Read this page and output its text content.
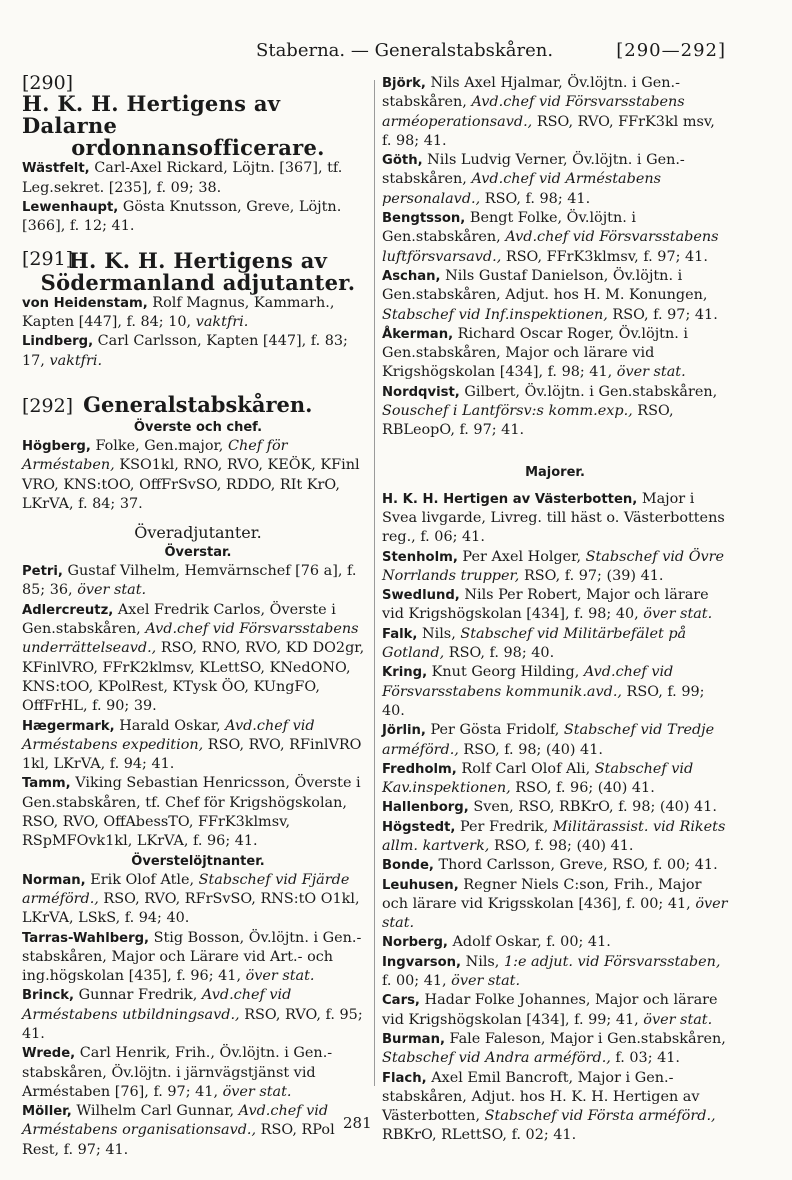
Staberna. — Generalstabskåren.	[290—292]
[290]
H. K. H. Hertigens av Dalarne
ordonnansofficerare.
Wästfelt, Carl-Axel Rickard, Löjtn. [367], tf. Leg.sekret. [235], f. 09; 38.
Lewenhaupt, Gösta Knutsson, Greve, Löjtn. [366], f. 12; 41.
[291]
H. K. H. Hertigens av
Södermanland adjutanter.
von Heidenstam, Rolf Magnus, Kammarh., Kapten [447], f. 84; 10, vaktfri.
Lindberg, Carl Carlsson, Kapten [447], f. 83; 17, vaktfri.
[292] Generalstabskåren.
Överste och chef.
Högberg, Folke, Gen.major, Chef för Arméstaben, KSO1kl, RNO, RVO, KEÖK, KFinl VRO, KNS:tOO, OffFrSvSO, RDDO, RIt KrO, LKrVA, f. 84; 37.
Överadjutanter.
Överstar.
Petri, Gustaf Vilhelm, Hemvärnschef [76 a], f. 85; 36, över stat.
Adlercreutz, Axel Fredrik Carlos, Överste i Gen.stabskåren, Avd.chef vid Försvarsstabens underrättelseavd., RSO, RNO, RVO, KD DO2gr, KFinlVRO, FFrK2klmsv, KLettSO, KNedONO, KNS:tOO, KPolRest, KTysk ÖO, KUngFO, OffFrHL, f. 90; 39.
Hægermark, Harald Oskar, Avd.chef vid Arméstabens expedition, RSO, RVO, RFinlVRO 1kl, LKrVA, f. 94; 41.
Tamm, Viking Sebastian Henricsson, Överste i Gen.stabskåren, tf. Chef för Krigshögskolan, RSO, RVO, OffAbessTO, FFrK3klmsv, RSpMFOvk1kl, LKrVA, f. 96; 41.
Överstelöjtnanter.
Norman, Erik Olof Atle, Stabschef vid Fjärde arméförd., RSO, RVO, RFrSvSO, RNS:tO O1kl, LKrVA, LSkS, f. 94; 40.
Tarras-Wahlberg, Stig Bosson, Öv.löjtn. i Gen.-stabskåren, Major och Lärare vid Art.- och ing.högskolan [435], f. 96; 41, över stat.
Brinck, Gunnar Fredrik, Avd.chef vid Arméstabens utbildningsavd., RSO, RVO, f. 95; 41.
Wrede, Carl Henrik, Frih., Öv.löjtn. i Gen.-stabskåren, Öv.löjtn. i järnvägstjänst vid Arméstaben [76], f. 97; 41, över stat.
Möller, Wilhelm Carl Gunnar, Avd.chef vid Arméstabens organisationsavd., RSO, RPol Rest, f. 97; 41.
Björk, Nils Axel Hjalmar, Öv.löjtn. i Gen.-stabskåren, Avd.chef vid Försvarsstabens arméoperationsavd., RSO, RVO, FFrK3kl msv, f. 98; 41.
Göth, Nils Ludvig Verner, Öv.löjtn. i Gen.-stabskåren, Avd.chef vid Arméstabens personalavd., RSO, f. 98; 41.
Bengtsson, Bengt Folke, Öv.löjtn. i Gen.stabskåren, Avd.chef vid Försvarsstabens luftförsvarsavd., RSO, FFrK3klmsv, f. 97; 41.
Aschan, Nils Gustaf Danielson, Öv.löjtn. i Gen.stabskåren, Adjut. hos H. M. Konungen, Stabschef vid Inf.inspektionen, RSO, f. 97; 41.
Åkerman, Richard Oscar Roger, Öv.löjtn. i Gen.stabskåren, Major och lärare vid Krigshögskolan [434], f. 98; 41, över stat.
Nordqvist, Gilbert, Öv.löjtn. i Gen.stabskåren, Souschef i Lantförsv:s komm.exp., RSO, RBLeopO, f. 97; 41.
Majorer.
H. K. H. Hertigen av Västerbotten, Major i Svea livgarde, Livreg. till häst o. Västerbottens reg., f. 06; 41.
Stenholm, Per Axel Holger, Stabschef vid Övre Norrlands trupper, RSO, f. 97; (39) 41.
Swedlund, Nils Per Robert, Major och lärare vid Krigshögskolan [434], f. 98; 40, över stat.
Falk, Nils, Stabschef vid Militärbefälet på Gotland, RSO, f. 98; 40.
Kring, Knut Georg Hilding, Avd.chef vid Försvarsstabens kommunik.avd., RSO, f. 99; 40.
Jörlin, Per Gösta Fridolf, Stabschef vid Tredje arméförd., RSO, f. 98; (40) 41.
Fredholm, Rolf Carl Olof Ali, Stabschef vid Kav.inspektionen, RSO, f. 96; (40) 41.
Hallenborg, Sven, RSO, RBKrO, f. 98; (40) 41.
Högstedt, Per Fredrik, Militärassist. vid Rikets allm. kartverk, RSO, f. 98; (40) 41.
Bonde, Thord Carlsson, Greve, RSO, f. 00; 41.
Leuhusen, Regner Niels C:son, Frih., Major och lärare vid Krigsskolan [436], f. 00; 41, över stat.
Norberg, Adolf Oskar, f. 00; 41.
Ingvarson, Nils, 1:e adjut. vid Försvarsstaben, f. 00; 41, över stat.
Cars, Hadar Folke Johannes, Major och lärare vid Krigshögskolan [434], f. 99; 41, över stat.
Burman, Fale Faleson, Major i Gen.stabskåren, Stabschef vid Andra arméförd., f. 03; 41.
Flach, Axel Emil Bancroft, Major i Gen.-stabskåren, Adjut. hos H. K. H. Hertigen av Västerbotten, Stabschef vid Första arméförd., RBKrO, RLettSO, f. 02; 41.
281
